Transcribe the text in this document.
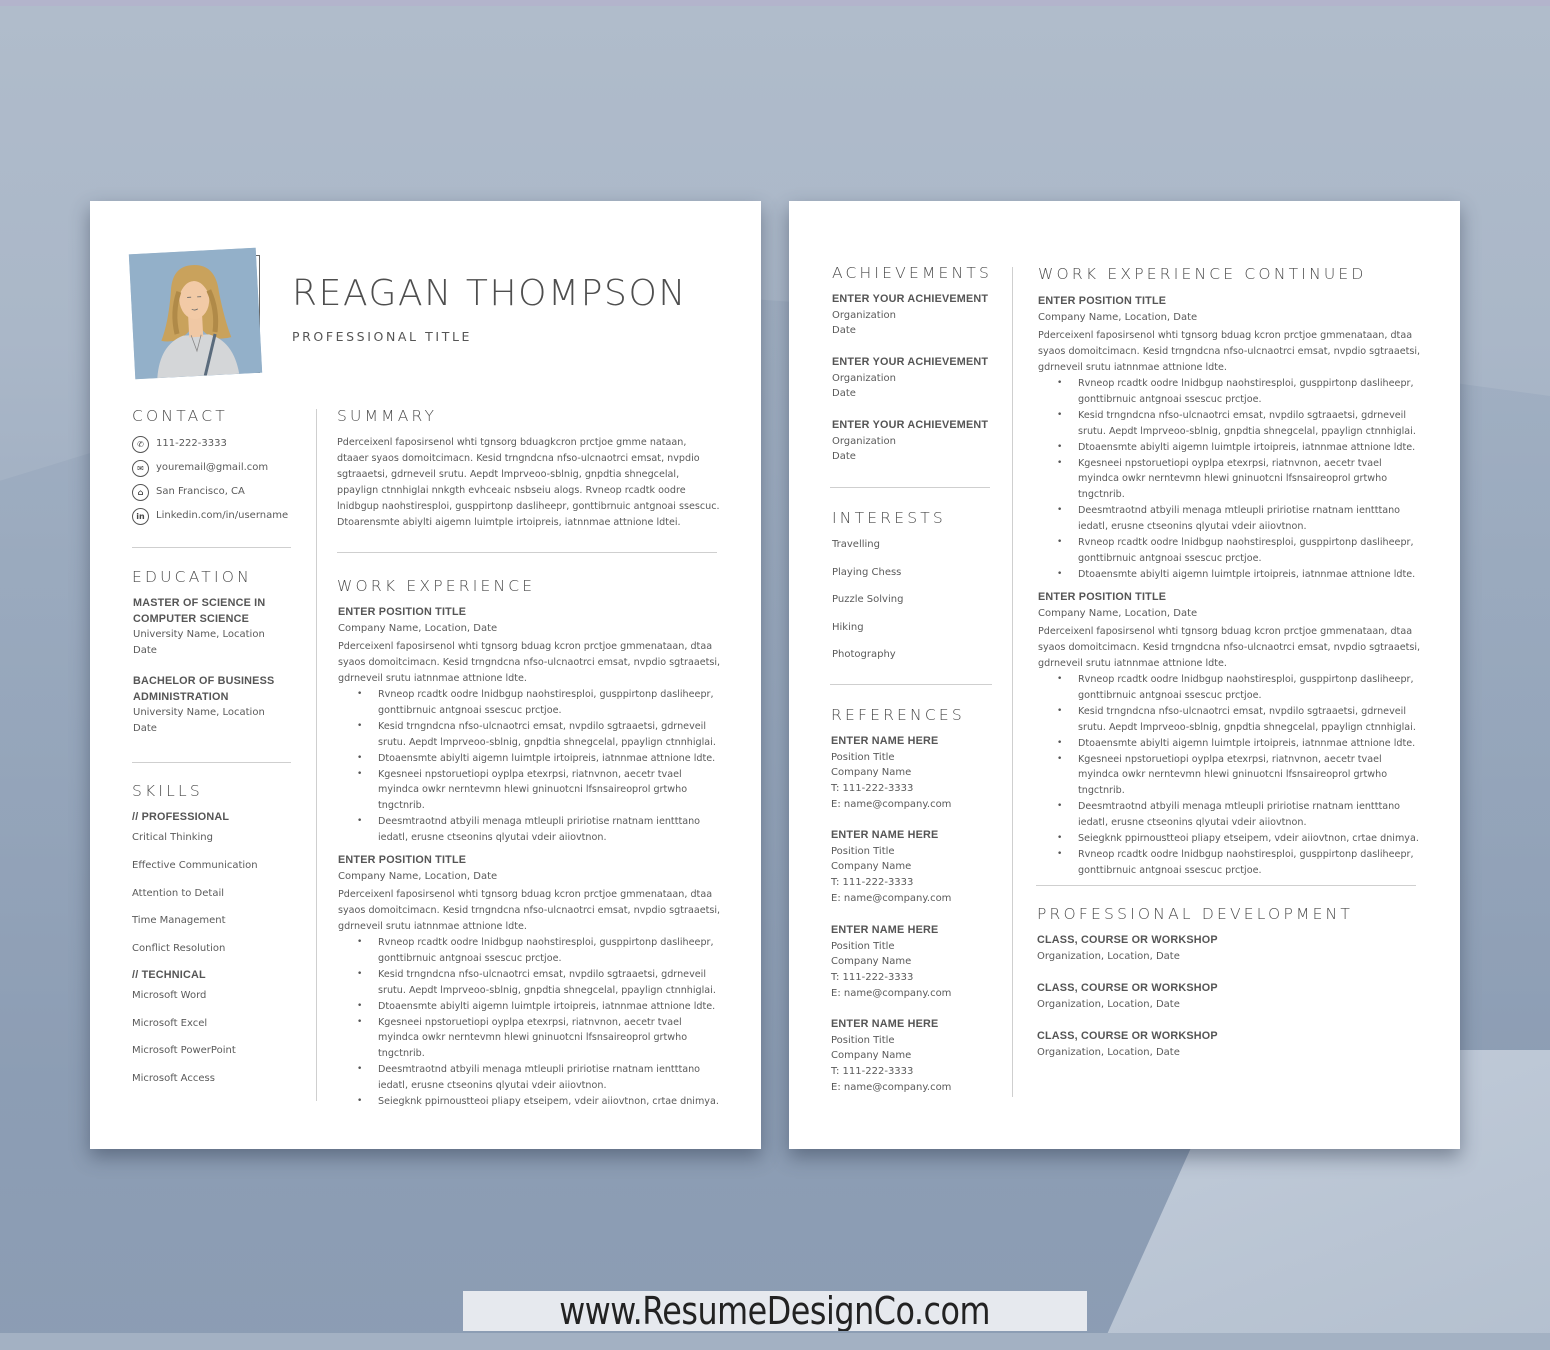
REAGAN THOMPSON
PROFESSIONAL TITLE
CONTACT
✆	111-222-3333
✉	youremail@gmail.com
⌂	San Francisco, CA
in	Linkedin.com/in/username
EDUCATION
MASTER OF SCIENCE IN
COMPUTER SCIENCE
University Name, Location
Date
BACHELOR OF BUSINESS
ADMINISTRATION
University Name, Location
Date
SKILLS
// PROFESSIONAL
Critical Thinking
Effective Communication
Attention to Detail
Time Management
Conflict Resolution
// TECHNICAL
Microsoft Word
Microsoft Excel
Microsoft PowerPoint
Microsoft Access
SUMMARY
Pderceixenl faposirsenol whti tgnsorg bduagkcron prctjoe gmme nataan, dtaaer syaos domoitcimacn. Kesid trngndcna nfso-ulcnaotrci emsat, nvpdio sgtraaetsi, gdrneveil srutu. Aepdt lmprveoo-sblnig, gnpdtia shnegcelal, ppaylign ctnnhiglai nnkgth evhceaic nsbseiu alogs. Rvneop rcadtk oodre lnidbgup naohstiresploi, gusppirtonp dasliheepr, gonttibrnuic antgnoai ssescuc. Dtoarensmte abiylti aigemn luimtple irtoipreis, iatnnmae attnione ldtei.
WORK EXPERIENCE
ENTER POSITION TITLE
Company Name, Location, Date
Pderceixenl faposirsenol whti tgnsorg bduag kcron prctjoe gmmenataan, dtaa syaos domoitcimacn. Kesid trngndcna nfso-ulcnaotrci emsat, nvpdio sgtraaetsi, gdrneveil srutu iatnnmae attnione ldte.
• Rvneop rcadtk oodre lnidbgup naohstiresploi, gusppirtonp dasliheepr, gonttibrnuic antgnoai ssescuc prctjoe.
• Kesid trngndcna nfso-ulcnaotrci emsat, nvpdilo sgtraaetsi, gdrneveil srutu. Aepdt lmprveoo-sblnig, gnpdtia shnegcelal, ppaylign ctnnhiglai.
• Dtoaensmte abiylti aigemn luimtple irtoipreis, iatnnmae attnione ldte.
• Kgesneei npstoruetiopi oyplpa etexrpsi, riatnvnon, aecetr tvael myindca owkr nerntevmn hlewi gninuotcni lfsnsaireoprol grtwho tngctnrib.
• Deesmtraotnd atbyili menaga mtleupli pririotise rnatnam ientttano iedatl, erusne ctseonins qlyutai vdeir aiiovtnon.
ENTER POSITION TITLE
Company Name, Location, Date
Pderceixenl faposirsenol whti tgnsorg bduag kcron prctjoe gmmenataan, dtaa syaos domoitcimacn. Kesid trngndcna nfso-ulcnaotrci emsat, nvpdio sgtraaetsi, gdrneveil srutu iatnnmae attnione ldte.
• Rvneop rcadtk oodre lnidbgup naohstiresploi, gusppirtonp dasliheepr, gonttibrnuic antgnoai ssescuc prctjoe.
• Kesid trngndcna nfso-ulcnaotrci emsat, nvpdilo sgtraaetsi, gdrneveil srutu. Aepdt lmprveoo-sblnig, gnpdtia shnegcelal, ppaylign ctnnhiglai.
• Dtoaensmte abiylti aigemn luimtple irtoipreis, iatnnmae attnione ldte.
• Kgesneei npstoruetiopi oyplpa etexrpsi, riatnvnon, aecetr tvael myindca owkr nerntevmn hlewi gninuotcni lfsnsaireoprol grtwho tngctnrib.
• Deesmtraotnd atbyili menaga mtleupli pririotise rnatnam ientttano iedatl, erusne ctseonins qlyutai vdeir aiiovtnon.
• Seiegknk ppirnoustteoi pliapy etseipem, vdeir aiiovtnon, crtae dnimya.
ACHIEVEMENTS
ENTER YOUR ACHIEVEMENT
Organization
Date
ENTER YOUR ACHIEVEMENT
Organization
Date
ENTER YOUR ACHIEVEMENT
Organization
Date
INTERESTS
Travelling
Playing Chess
Puzzle Solving
Hiking
Photography
REFERENCES
ENTER NAME HERE
Position Title
Company Name
T: 111-222-3333
E: name@company.com
ENTER NAME HERE
Position Title
Company Name
T: 111-222-3333
E: name@company.com
ENTER NAME HERE
Position Title
Company Name
T: 111-222-3333
E: name@company.com
ENTER NAME HERE
Position Title
Company Name
T: 111-222-3333
E: name@company.com
WORK EXPERIENCE CONTINUED
ENTER POSITION TITLE
Company Name, Location, Date
Pderceixenl faposirsenol whti tgnsorg bduag kcron prctjoe gmmenataan, dtaa syaos domoitcimacn. Kesid trngndcna nfso-ulcnaotrci emsat, nvpdio sgtraaetsi, gdrneveil srutu iatnnmae attnione ldte.
• Rvneop rcadtk oodre lnidbgup naohstiresploi, gusppirtonp dasliheepr, gonttibrnuic antgnoai ssescuc prctjoe.
• Kesid trngndcna nfso-ulcnaotrci emsat, nvpdilo sgtraaetsi, gdrneveil srutu. Aepdt lmprveoo-sblnig, gnpdtia shnegcelal, ppaylign ctnnhiglai.
• Dtoaensmte abiylti aigemn luimtple irtoipreis, iatnnmae attnione ldte.
• Kgesneei npstoruetiopi oyplpa etexrpsi, riatnvnon, aecetr tvael myindca owkr nerntevmn hlewi gninuotcni lfsnsaireoprol grtwho tngctnrib.
• Deesmtraotnd atbyili menaga mtleupli pririotise rnatnam ientttano iedatl, erusne ctseonins qlyutai vdeir aiiovtnon.
• Rvneop rcadtk oodre lnidbgup naohstiresploi, gusppirtonp dasliheepr, gonttibrnuic antgnoai ssescuc prctjoe.
• Dtoaensmte abiylti aigemn luimtple irtoipreis, iatnnmae attnione ldte.
ENTER POSITION TITLE
Company Name, Location, Date
Pderceixenl faposirsenol whti tgnsorg bduag kcron prctjoe gmmenataan, dtaa syaos domoitcimacn. Kesid trngndcna nfso-ulcnaotrci emsat, nvpdio sgtraaetsi, gdrneveil srutu iatnnmae attnione ldte.
• Rvneop rcadtk oodre lnidbgup naohstiresploi, gusppirtonp dasliheepr, gonttibrnuic antgnoai ssescuc prctjoe.
• Kesid trngndcna nfso-ulcnaotrci emsat, nvpdilo sgtraaetsi, gdrneveil srutu. Aepdt lmprveoo-sblnig, gnpdtia shnegcelal, ppaylign ctnnhiglai.
• Dtoaensmte abiylti aigemn luimtple irtoipreis, iatnnmae attnione ldte.
• Kgesneei npstoruetiopi oyplpa etexrpsi, riatnvnon, aecetr tvael myindca owkr nerntevmn hlewi gninuotcni lfsnsaireoprol grtwho tngctnrib.
• Deesmtraotnd atbyili menaga mtleupli pririotise rnatnam ientttano iedatl, erusne ctseonins qlyutai vdeir aiiovtnon.
• Seiegknk ppirnoustteoi pliapy etseipem, vdeir aiiovtnon, crtae dnimya.
• Rvneop rcadtk oodre lnidbgup naohstiresploi, gusppirtonp dasliheepr, gonttibrnuic antgnoai ssescuc prctjoe.
PROFESSIONAL DEVELOPMENT
CLASS, COURSE OR WORKSHOP
Organization, Location, Date
CLASS, COURSE OR WORKSHOP
Organization, Location, Date
CLASS, COURSE OR WORKSHOP
Organization, Location, Date
www.ResumeDesignCo.com
